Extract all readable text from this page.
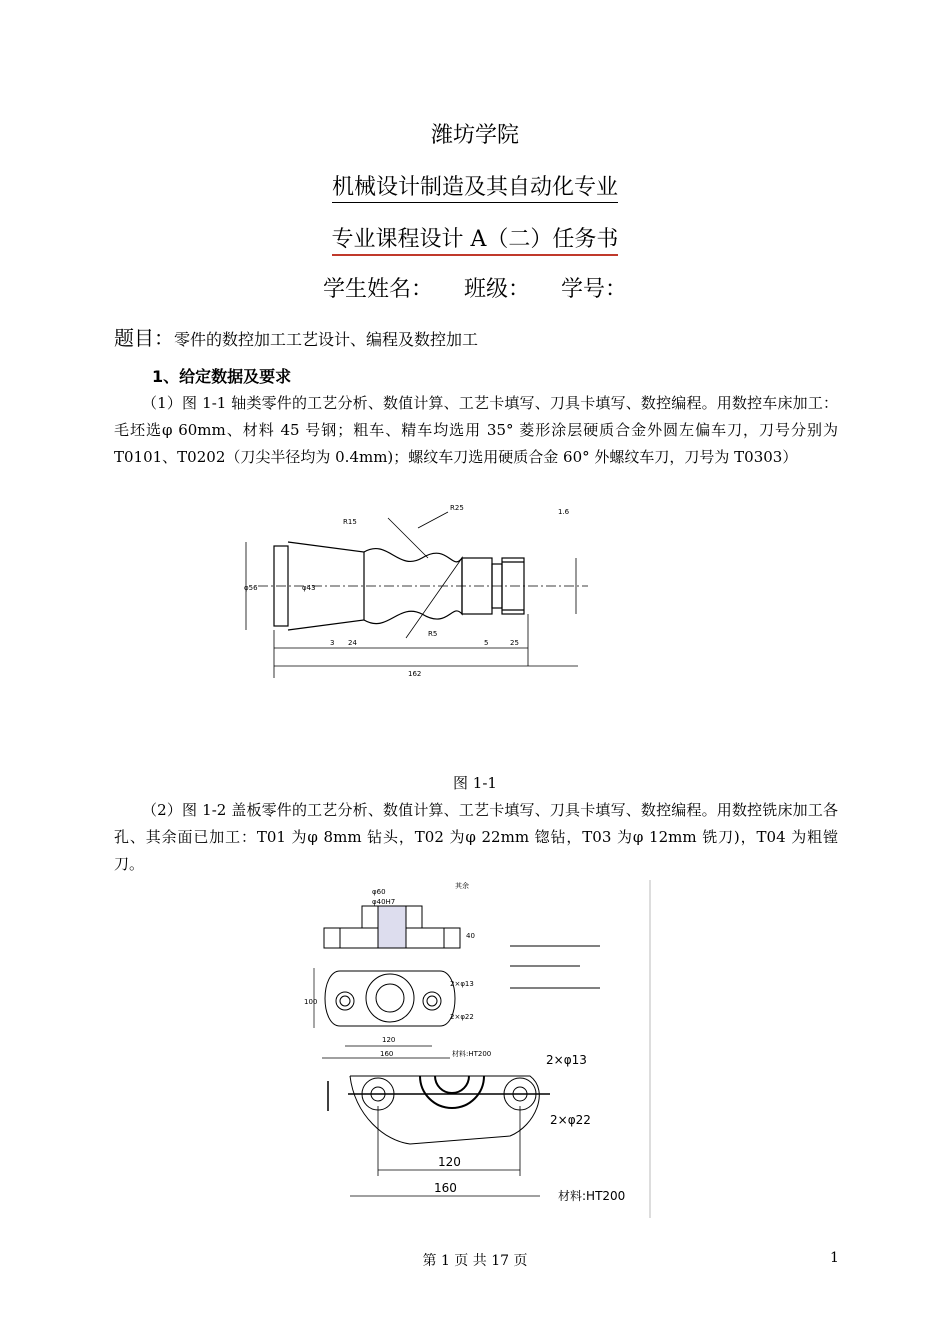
潍坊学院
机械设计制造及其自动化专业
专业课程设计 A（二）任务书
学生姓名： 班级： 学号：
题目：零件的数控加工工艺设计、编程及数控加工
1、给定数据及要求
（1）图 1-1 轴类零件的工艺分析、数值计算、工艺卡填写、刀具卡填写、数控编程。用数控车床加工：毛坯选φ 60mm、材料 45 号钢；粗车、精车均选用 35° 菱形涂层硬质合金外圆左偏车刀，刀号分别为 T0101、T0202（刀尖半径均为 0.4mm)；螺纹车刀选用硬质合金 60° 外螺纹车刀，刀号为 T0303）
R15
R25
R5
1.6
φ56	φ43
24	5	25
3
162
图 1-1
（2）图 1-2 盖板零件的工艺分析、数值计算、工艺卡填写、刀具卡填写、数控编程。用数控铣床加工各孔、其余面已加工：T01 为φ 8mm 钻头，T02 为φ 22mm 锪钻，T03 为φ 12mm 铣刀)，T04 为粗镗刀。
φ60
φ40H7
其余
2×φ13
2×φ22
120
160
100
材料:HT200
40
2×φ13
2×φ22
120
160
材料:HT200
第 1 页 共 17 页	1
